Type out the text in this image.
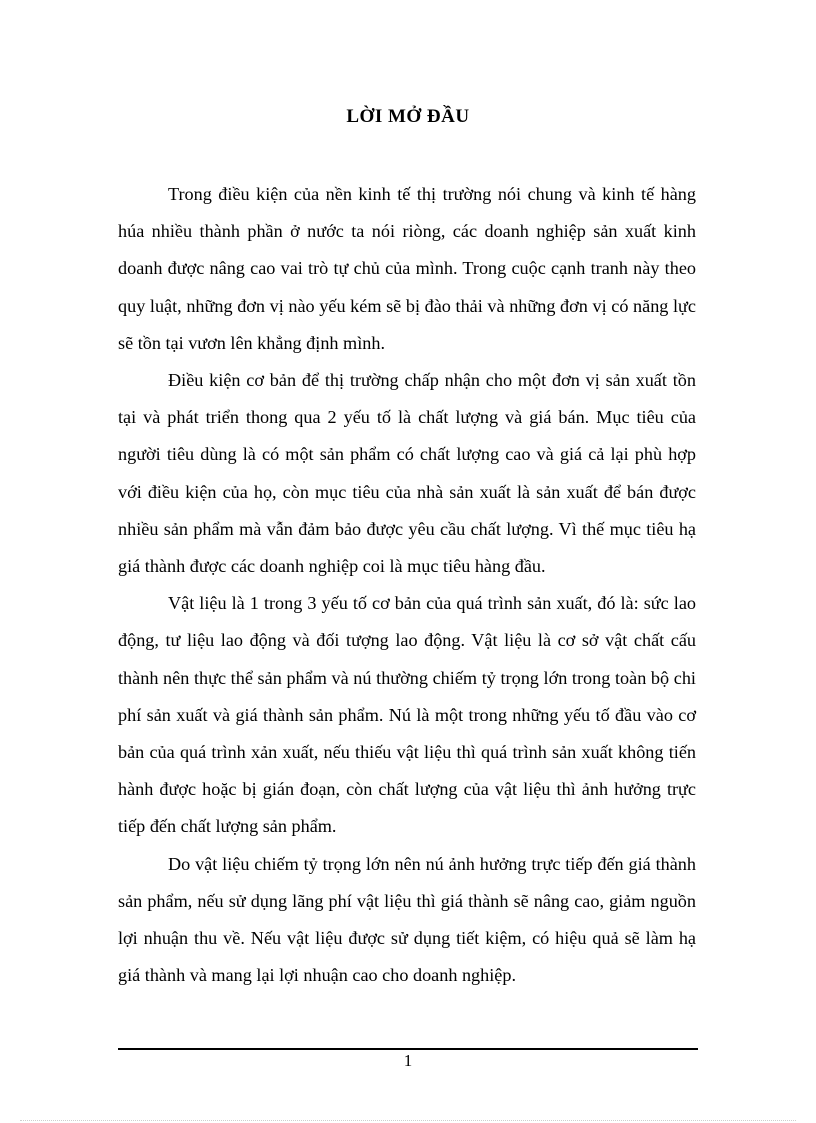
LỜI MỞ ĐẦU

Trong điều kiện của nền kinh tế thị trường nói chung và kinh tế hàng húa nhiều thành phần ở nước ta nói riòng, các doanh nghiệp sản xuất kinh doanh được nâng cao vai trò tự chủ của mình. Trong cuộc cạnh tranh này theo quy luật, những đơn vị nào yếu kém sẽ bị đào thải và những đơn vị có năng lực sẽ tồn tại vươn lên khẳng định mình.

Điều kiện cơ bản để thị trường chấp nhận cho một đơn vị sản xuất tồn tại và phát triển thong qua 2 yếu tố là chất lượng và giá bán. Mục tiêu của người tiêu dùng là có một sản phẩm có chất lượng cao và giá cả lại phù hợp với điều kiện của họ, còn mục tiêu của nhà sản xuất là sản xuất để bán được nhiều sản phẩm mà vẫn đảm bảo được yêu cầu chất lượng. Vì thế mục tiêu hạ giá thành được các doanh nghiệp coi là mục tiêu hàng đầu.

Vật liệu là 1 trong 3 yếu tố cơ bản của quá trình sản xuất, đó là: sức lao động, tư liệu lao động và đối tượng lao động. Vật liệu là cơ sở vật chất cấu thành nên thực thể sản phẩm và nú thường chiếm tỷ trọng lớn trong toàn bộ chi phí sản xuất và giá thành sản phẩm. Nú là một trong những yếu tố đầu vào cơ bản của quá trình xản xuất, nếu thiếu vật liệu thì quá trình sản xuất không tiến hành được hoặc bị gián đoạn, còn chất lượng của vật liệu thì ảnh hưởng trực tiếp đến chất lượng sản phẩm.

Do vật liệu chiếm tỷ trọng lớn nên nú ảnh hưởng trực tiếp đến giá thành sản phẩm, nếu sử dụng lãng phí vật liệu thì giá thành sẽ nâng cao, giảm nguồn lợi nhuận thu về. Nếu vật liệu được sử dụng tiết kiệm, có hiệu quả sẽ làm hạ giá thành và mang lại lợi nhuận cao cho doanh nghiệp.

1
